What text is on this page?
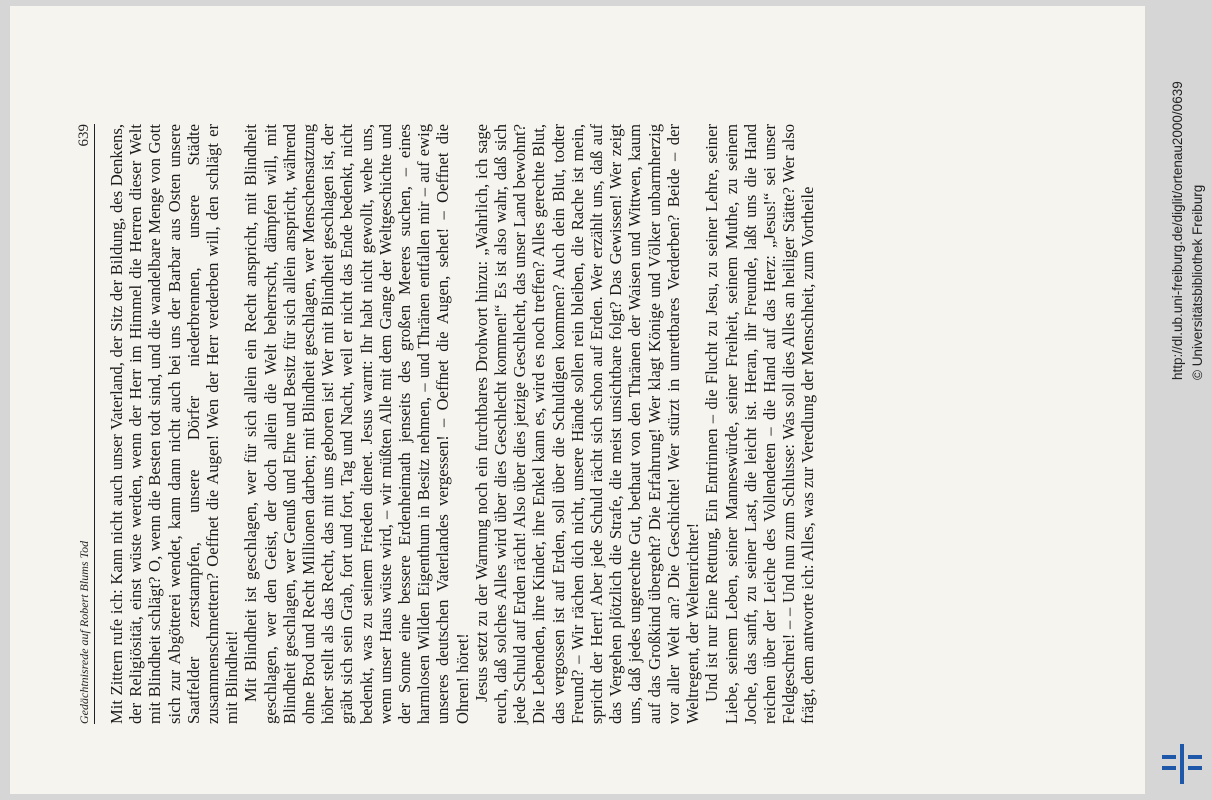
Gedächtnisrede auf Robert Blums Tod
639 Mit Zittern rufe ich: Kann nicht auch unser Vaterland, der Sitz der Bildung, des Denkens, der Religiösität, einst wüste werden, wenn der Herr im Himmel die Herren dieser Welt mit Blindheit schlägt? O, wenn die Besten todt sind, und die wandelbare Menge von Gott sich zur Abgötterei wendet, kann dann nicht auch bei uns der Barbar aus Osten unsere Saatfelder zerstampfen, unsere Dörfer niederbrennen, unsere Städte zusammenschmettern? Oeffnet die Augen! Wen der Herr verderben will, den schlägt er mit Blindheit! Mit Blindheit ist geschlagen, wer für sich allein ein Recht anspricht, mit Blindheit geschlagen, wer den Geist, der doch allein die Welt beherrscht, dämpfen will, mit Blindheit geschlagen, wer Genuß und Ehre und Besitz für sich allein anspricht, während ohne Brod und Recht Millionen darben; mit Blindheit geschlagen, wer Menschensatzung höher stellt als das Recht, das mit uns geboren ist! Wer mit Blindheit geschlagen ist, der gräbt sich sein Grab, fort und fort, Tag und Nacht, weil er nicht das Ende bedenkt, nicht bedenkt, was zu seinem Frieden dienet. Jesus warnt: Ihr habt nicht gewollt, wehe uns, wenn unser Haus wüste wird, – wir müßten Alle mit dem Gange der Weltgeschichte und der Sonne eine bessere Erdenheimath jenseits des großen Meeres suchen, – eines harmlosen Wilden Eigenthum in Besitz nehmen, – und Thränen entfallen mir – auf ewig unseres deutschen Vaterlandes vergessen! – Oeffnet die Augen, sehet! – Oeffnet die Ohren! höret! Jesus setzt zu der Warnung noch ein furchtbares Drohwort hinzu: „Wahrlich, ich sage euch, daß solches Alles wird über dies Geschlecht kommen!“ Es ist also wahr, daß sich jede Schuld auf Erden rächt! Also über dies jetzige Geschlecht, das unser Land bewohnt? Die Lebenden, ihre Kinder, ihre Enkel kann es, wird es noch treffen? Alles gerechte Blut, das vergossen ist auf Erden, soll über die Schuldigen kommen? Auch dein Blut, todter Freund? – Wir rächen dich nicht, unsere Hände sollen rein bleiben, die Rache ist mein, spricht der Herr! Aber jede Schuld rächt sich schon auf Erden. Wer erzählt uns, daß auf das Vergehen plötzlich die Strafe, die meist unsichtbare folgt? Das Gewissen! Wer zeigt uns, daß jedes ungerechte Gut, bethaut von den Thränen der Waisen und Wittwen, kaum auf das Großkind übergeht? Die Erfahrung! Wer klagt Könige und Völker unbarmherzig vor aller Welt an? Die Geschichte! Wer stürzt in unrettbares Verderben? Beide – der Weltregent, der Weltenrichter! Und ist nur Eine Rettung, Ein Entrinnen – die Flucht zu Jesu, zu seiner Lehre, seiner Liebe, seinem Leben, seiner Manneswürde, seiner Freiheit, seinem Muthe, zu seinem Joche, das sanft, zu seiner Last, die leicht ist. Heran, ihr Freunde, laßt uns die Hand reichen über der Leiche des Vollendeten – die Hand auf das Herz: „Jesus!“ sei unser Feldgeschrei! – – Und nun zum Schlusse: Was soll dies Alles an heiliger Stätte? Wer also frägt, dem antworte ich: Alles, was zur Veredlung der Menschheit, zum Vortheile	http://dl.ub.uni-freiburg.de/diglit/ortenau2000/0639 © Universitätsbibliothek Freiburg
